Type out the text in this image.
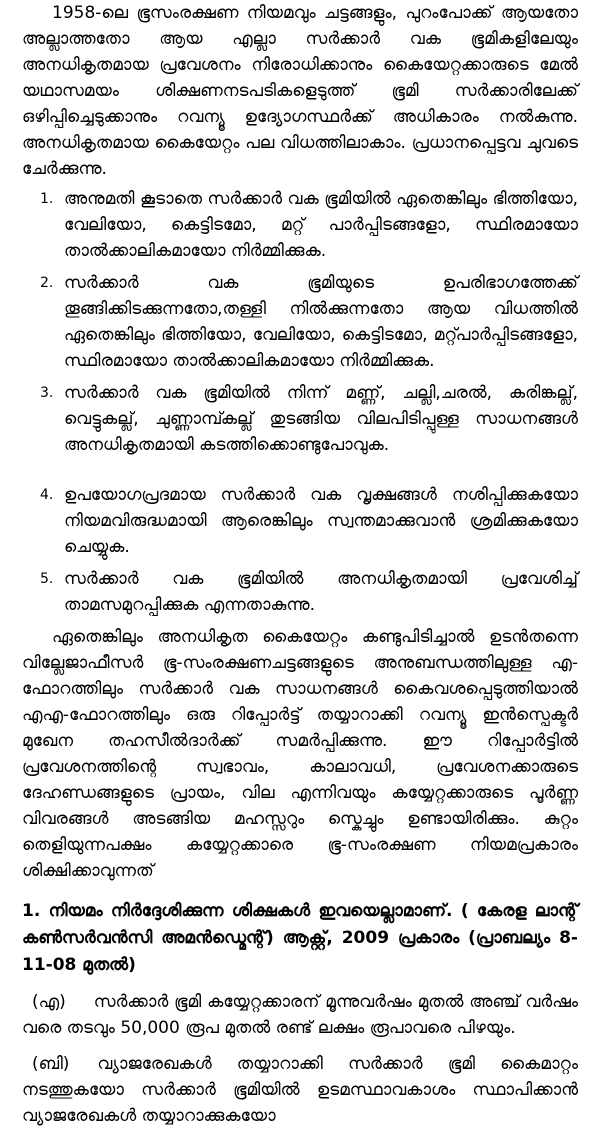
1958-ലെ ഭൂസംരക്ഷണ നിയമവും ചട്ടങ്ങളും, പുറംപോക്ക് ആയതോ അല്ലാത്തതോ ആയ എല്ലാ സർക്കാർ വക ഭൂമികളിലേയും അനധികൃതമായ പ്രവേശനം നിരോധിക്കാനും കൈയേറ്റക്കാരുടെ മേൽ യഥാസമയം ശിക്ഷണനടപടികളെടുത്ത് ഭൂമി സർക്കാരിലേക്ക് ഒഴിപ്പിച്ചെടുക്കാനും റവന്യൂ ഉദ്യോഗസ്ഥർക്ക് അധികാരം നൽകുന്നു. അനധികൃതമായ കൈയേറ്റം പല വിധത്തിലാകാം. പ്രധാനപ്പെട്ടവ ചുവടെ ചേർക്കുന്നു.

1. അനുമതി കൂടാതെ സർക്കാർ വക ഭൂമിയിൽ ഏതെങ്കിലും ഭിത്തിയോ, വേലിയോ, കെട്ടിടമോ, മറ്റ് പാർപ്പിടങ്ങളോ, സ്ഥിരമായോ താൽക്കാലികമായോ നിർമ്മിക്കുക.
2. സർക്കാർ വക ഭൂമിയുടെ ഉപരിഭാഗത്തേക്ക് തൂങ്ങിക്കിടക്കുന്നതോ,തള്ളി നിൽക്കുന്നതോ ആയ വിധത്തിൽ ഏതെങ്കിലും ഭിത്തിയോ, വേലിയോ, കെട്ടിടമോ, മറ്റ്പാർപ്പിടങ്ങളോ, സ്ഥിരമായോ താൽക്കാലികമായോ നിർമ്മിക്കുക.
3. സർക്കാർ വക ഭൂമിയിൽ നിന്ന് മണ്ണ്, ചല്ലി,ചരൽ, കരിങ്കല്ല്, വെട്ടുകല്ല്, ചുണ്ണാമ്പ്കല്ല് തുടങ്ങിയ വിലപിടിപ്പുള്ള സാധനങ്ങൾ അനധികൃതമായി കടത്തിക്കൊണ്ടുപോവുക.
4. ഉപയോഗപ്രദമായ സർക്കാർ വക വൃക്ഷങ്ങൾ നശിപ്പിക്കുകയോ നിയമവിരുദ്ധമായി ആരെങ്കിലും സ്വന്തമാക്കുവാൻ ശ്രമിക്കുകയോ ചെയ്യുക.
5. സർക്കാർ വക ഭൂമിയിൽ അനധികൃതമായി പ്രവേശിച്ച് താമസമുറപ്പിക്കുക എന്നതാകുന്നു.

ഏതെങ്കിലും അനധികൃത കൈയേറ്റം കണ്ടുപിടിച്ചാൽ ഉടൻതന്നെ വില്ലേജാഫീസർ ഭൂ-സംരക്ഷണചട്ടങ്ങളുടെ അനുബന്ധത്തിലുള്ള എ-ഫോറത്തിലും സർക്കാർ വക സാധനങ്ങൾ കൈവശപ്പെടുത്തിയാൽ എഎ-ഫോറത്തിലും ഒരു റിപ്പോർട്ട് തയ്യാറാക്കി റവന്യൂ ഇൻസ്പെക്ടർ മുഖേന തഹസീൽദാർക്ക് സമർപ്പിക്കുന്നു. ഈ റിപ്പോർട്ടിൽ പ്രവേശനത്തിന്റെ സ്വഭാവം, കാലാവധി, പ്രവേശനക്കാരുടെ ദേഹണ്ഡങ്ങളുടെ പ്രായം, വില എന്നിവയും കയ്യേറ്റക്കാരുടെ പൂർണ്ണ വിവരങ്ങൾ അടങ്ങിയ മഹസ്സറും സ്കെച്ചും ഉണ്ടായിരിക്കും. കുറ്റം തെളിയുന്നപക്ഷം കയ്യേറ്റക്കാരെ ഭൂ-സംരക്ഷണ നിയമപ്രകാരം ശിക്ഷിക്കാവുന്നത്

1. നിയമം നിർദ്ദേശിക്കുന്ന ശിക്ഷകൾ ഇവയെല്ലാമാണ്. ( കേരള ലാന്റ് കൺസർവൻസി അമൻഡ്മെന്റ്) ആക്റ്റ്, 2009 പ്രകാരം (പ്രാബല്യം 8-11-08 മുതൽ)

(എ) സർക്കാർ ഭൂമി കയ്യേറ്റക്കാരന് മൂന്നുവർഷം മുതൽ അഞ്ച് വർഷം വരെ തടവും 50,000 രൂപ മുതൽ രണ്ട് ലക്ഷം രൂപാവരെ പിഴയും.

(ബി) വ്യാജരേഖകൾ തയ്യാറാക്കി സർക്കാർ ഭൂമി കൈമാറ്റം നടത്തുകയോ സർക്കാർ ഭൂമിയിൽ ഉടമസ്ഥാവകാശം സ്ഥാപിക്കാൻ വ്യാജരേഖകൾ തയ്യാറാക്കുകയോ
